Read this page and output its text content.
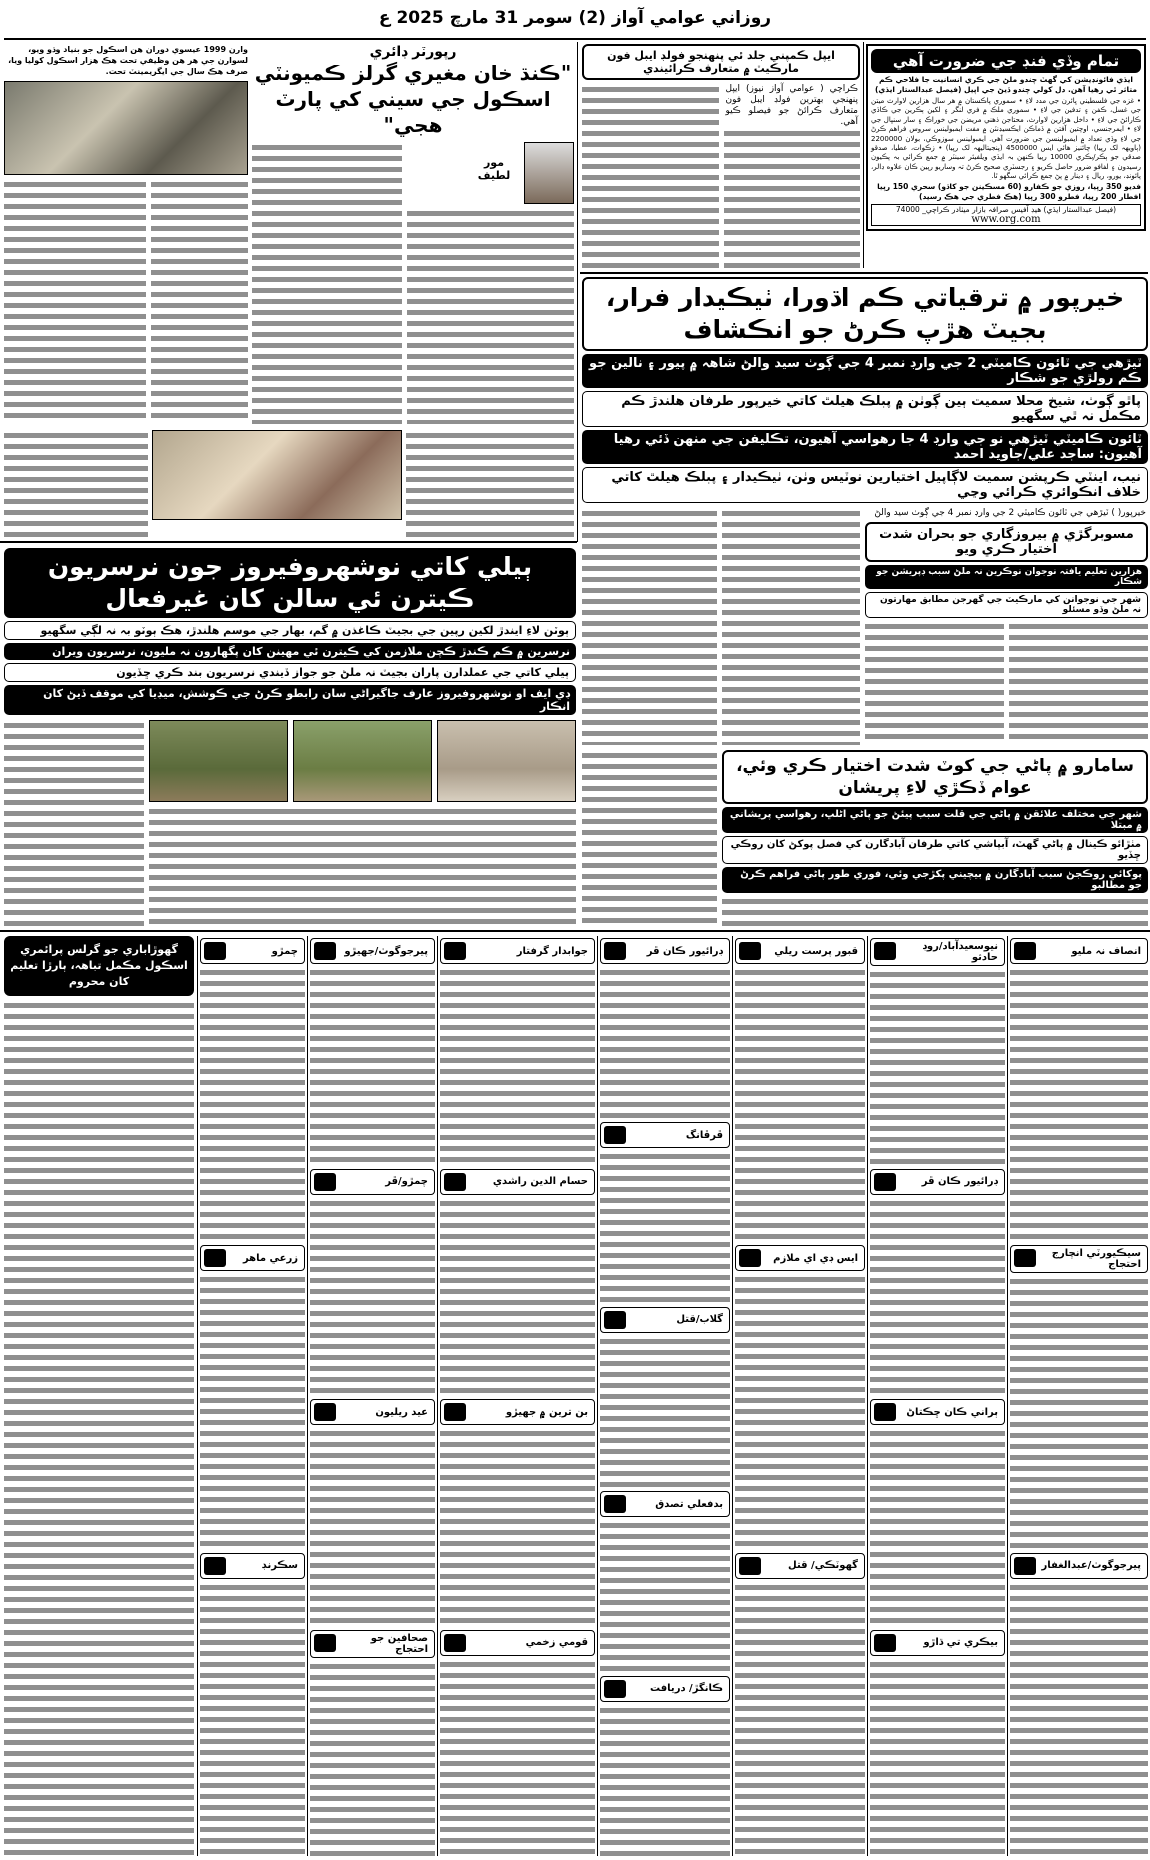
روزاني عوامي آواز (2) سومر 31 مارچ 2025 ع
تمام وڏي فنڊ جي ضرورت آهي
ايڌي فائونڊيشن کي گهٽ چندو ملڻ جي ڪري انسانيت جا فلاحي ڪم متاثر ٿي رهيا آهن. دل کولي چندو ڏيڻ جي اپيل (فيصل عبدالستار ايڌي)
• غزه جي فلسطيني ڀائرن جي مدد لاءِ • سموري پاڪستان ۾ هر سال هزارين لاوارث ميتن جي غسل، ڪفن ۽ تدفين جي لاءِ • سموري ملڪ ۾ فري لنگر ۽ لکين ٻڪرين جي ڪاڌي ڪارائڻ جي لاءِ • داخل هزارين لاوارث، محتاجن ذهني مريضن جي خوراڪ ۽ سار سنڀال جي لاءِ • ايمرجنسي، اوچتين آفتن ۾ ڏماڪن ايڪسيڊنٽن ۾ مفت ايمبولينس سروس فراهم ڪرڻ جي لاءِ وڏي تعداد ۾ ايمبولينسن جي ضرورت آهي. ايمبولينس سوزوڪي، بولان 2200000 (ٻاويهہ لک رپيا) چائنيز هائي ايس 4500000 (پنجيتاليهہ لک رپيا) • زڪوات، عطيا، صدقو صدقي جو ٻڪر/ٻڪري 10000 رپيا ڪنهن بہ ايڌي ويلفيئر سينٽر ۾ جمع ڪرائي بہ پڪيون رسيدون ۽ لفافو ضرور حاصل ڪريو ۽ رجسٽري صحيح ڪرڻ تہ وساريو رپين ڪان علاوه ڊالر، پائونڊ، يورو، ريال ۽ دينار ۾ پڻ جمع ڪرائي سگهو ٿا.
فديو 350 رپيا، روزي جو ڪفارو (60 مسڪينن جو کاڌو) سحري 150 رپيا
افطار 200 رپيا، فطرو 300 رپيا (هڪ فطري جي هڪ رسيد)
(فيصل عبدالستار ايڌي) هيڊ آفيس صرافہ بازار ميٺادر ڪراچي_ 74000
www.org.com
ايپل ڪمپني جلد ئي پنهنجو فولڊ ايبل فون مارڪيٽ ۾ متعارف ڪرائيندي
ڪراچي ( عوامي آواز نيوز) ايپل پنهنجي بهترين فولڊ ايبل فون متعارف ڪرائڻ جو فيصلو ڪيو آهي.
وارن 1999 عيسوي دوران هن اسڪول جو بنياد وڌو ويو، لسوارن جي هر هن وظيفي تحت هڪ هزار اسڪول کوليا ويا، صرف هڪ سال جي ايگريمينٽ تحت.
رپورٽر ڊائري
"ڪنڌ خان مغيري گرلز ڪميونٽي اسڪول جي سيني کي پارٽ هجي"
مور لطيف
خيرپور ۾ ترقياتي ڪم اڌورا، ٺيڪيدار فرار، بجيٽ هڙپ ڪرڻ جو انڪشاف
ٽيڙهي جي ٽائون ڪاميٽي 2 جي وارڊ نمبر 4 جي ڳوٺ سيد والڻ شاهہ ۾ پيور ۽ نالين جو ڪم رولڙي جو شڪار
پاٿو ڳوٺ، شيخ محلا سميت ٻين ڳوٺن ۾ پبلڪ هيلٿ کاتي خيرپور طرفان هلندڙ ڪم مڪمل نہ ٿي سگهيو
ٽائون ڪاميٽي ٽيڙهي نو جي وارڊ 4 جا رهواسي آهيون، تڪليفن جي منهن ڏئي رهيا آهيون: ساجد علي/جاويد احمد
نيب، اينٽي ڪرپشن سميت لاڳاپيل اختيارين نوٽيس وٺن، ٺيڪيدار ۽ پبلڪ هيلٿ کاتي خلاف انڪوائري ڪرائي وڃي
خيرپور( ) ٽيڙهي جي ٽائون ڪاميٽي 2 جي وارڊ نمبر 4 جي ڳوٺ سيد والڻ
مسوبرگڙي ۾ بيروزگاري جو بحران شدت اختيار ڪري ويو
هزارين تعليم يافتہ نوجوان نوڪرين نہ ملڻ سبب ڊپريشن جو شڪار
شهر جي نوجوانن کي مارڪيٽ جي گهرجن مطابق مهارتون نہ ملڻ وڏو مسئلو
سامارو ۾ پاڻي جي کوٽ شدت اختيار ڪري وئي، عوام ڏڪڙي لاءِ پريشان
شهر جي مختلف علائقن ۾ پاڻي جي قلت سبب پيئڻ جو پاڻي اڻلڀ، رهواسي پريشاني ۾ مبتلا
مٺڙائو ڪينال ۾ پاڻي گهٽ، آبپاشي کاتي طرفان آبادگارن کي فصل پوکڻ کان روڪي ڇڏيو
پوکائي روڪجڻ سبب آبادگارن ۾ بيچيني پکڙجي وئي، فوري طور پاڻي فراهم ڪرڻ جو مطالبو
ٻيلي کاتي نوشهروفيروز جون نرسريون ڪيترن ئي سالن کان غيرفعال
ٻوٽن لاءِ ايندڙ لکين رپين جي بجيٽ ڪاغذن ۾ گم، بهار جي موسم هلندڙ، هڪ ٻوٽو بہ نہ لڳي سگهيو
نرسرين ۾ ڪم ڪندڙ ڪچن ملازمن کي ڪيترن ئي مهينن کان پگهارون نہ مليون، نرسريون ويران
ٻيلي کاتي جي عملدارن پاران بجيٽ نہ ملڻ جو جواز ڏيندي نرسريون بند ڪري ڇڏيون
ڊي ايف او نوشهروفيروز عارف جاگيراڻي سان رابطو ڪرڻ جي ڪوشش، ميڊيا کي موقف ڏيڻ کان انڪار
گهوڙاباري جو گرلس پرائمري اسڪول مڪمل تباهہ، ٻارڙا تعليم کان محروم
انصاف نہ مليو
سيڪيورٽي انچارج احتجاج
پيرجوگوٺ/عبدالغفار
نيوسعيدآباد/روڊ حادثو
ڊرائيور ڪان ڦر
ٻراني ڪان ڇڪتاڻ
بيڪري تي ڌاڙو
قبور پرست ريلي
ايس ڊي اي ملازم
گهوٽڪي/ قتل
ڊرائيور ڪان ڦر
ڦرڦانگ
گلاب/قتل
بدفعلي تصدق
ڪانگڙ/ دريافت
جوابدار گرفتار
حسام الدين راشدي
بن ترين ۾ جهيڙو
قومي زخمي
پيرجوگوٺ/جهيڙو
چمڙو/ڦر
عيد ريليون
صحافين جو احتجاج
چمڙو
زرعي ماهر
سڪرنڊ
